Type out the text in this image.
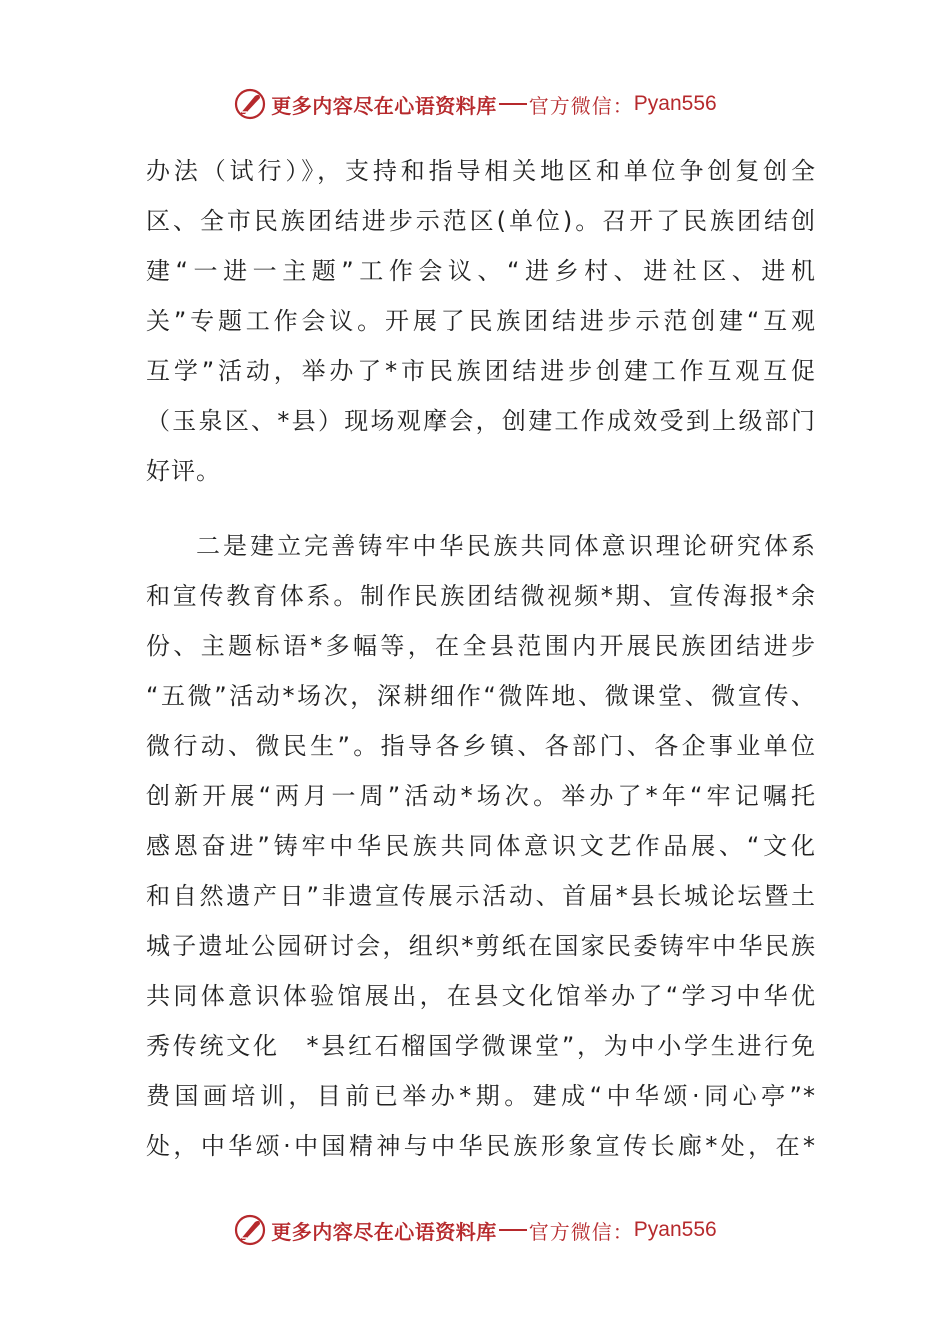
更多内容尽在心语资料库 官方微信： Pyan556
办法（试行）》，支持和指导相关地区和单位争创复创全
区、全市民族团结进步示范区(单位)。召开了民族团结创
建“一进一主题”工作会议、“进乡村、进社区、进机
关”专题工作会议。开展了民族团结进步示范创建“互观
互学”活动，举办了*市民族团结进步创建工作互观互促
（玉泉区、*县）现场观摩会，创建工作成效受到上级部门
好评。
二是建立完善铸牢中华民族共同体意识理论研究体系
和宣传教育体系。制作民族团结微视频*期、宣传海报*余
份、主题标语*多幅等，在全县范围内开展民族团结进步
“五微”活动*场次，深耕细作“微阵地、微课堂、微宣传、
微行动、微民生”。指导各乡镇、各部门、各企事业单位
创新开展“两月一周”活动*场次。举办了*年“牢记嘱托
感恩奋进”铸牢中华民族共同体意识文艺作品展、“文化
和自然遗产日”非遗宣传展示活动、首届*县长城论坛暨土
城子遗址公园研讨会，组织*剪纸在国家民委铸牢中华民族
共同体意识体验馆展出，在县文化馆举办了“学习中华优
秀传统文化　*县红石榴国学微课堂”，为中小学生进行免
费国画培训，目前已举办*期。建成“中华颂·同心亭”*
处，中华颂·中国精神与中华民族形象宣传长廊*处，在*
更多内容尽在心语资料库 官方微信： Pyan556
